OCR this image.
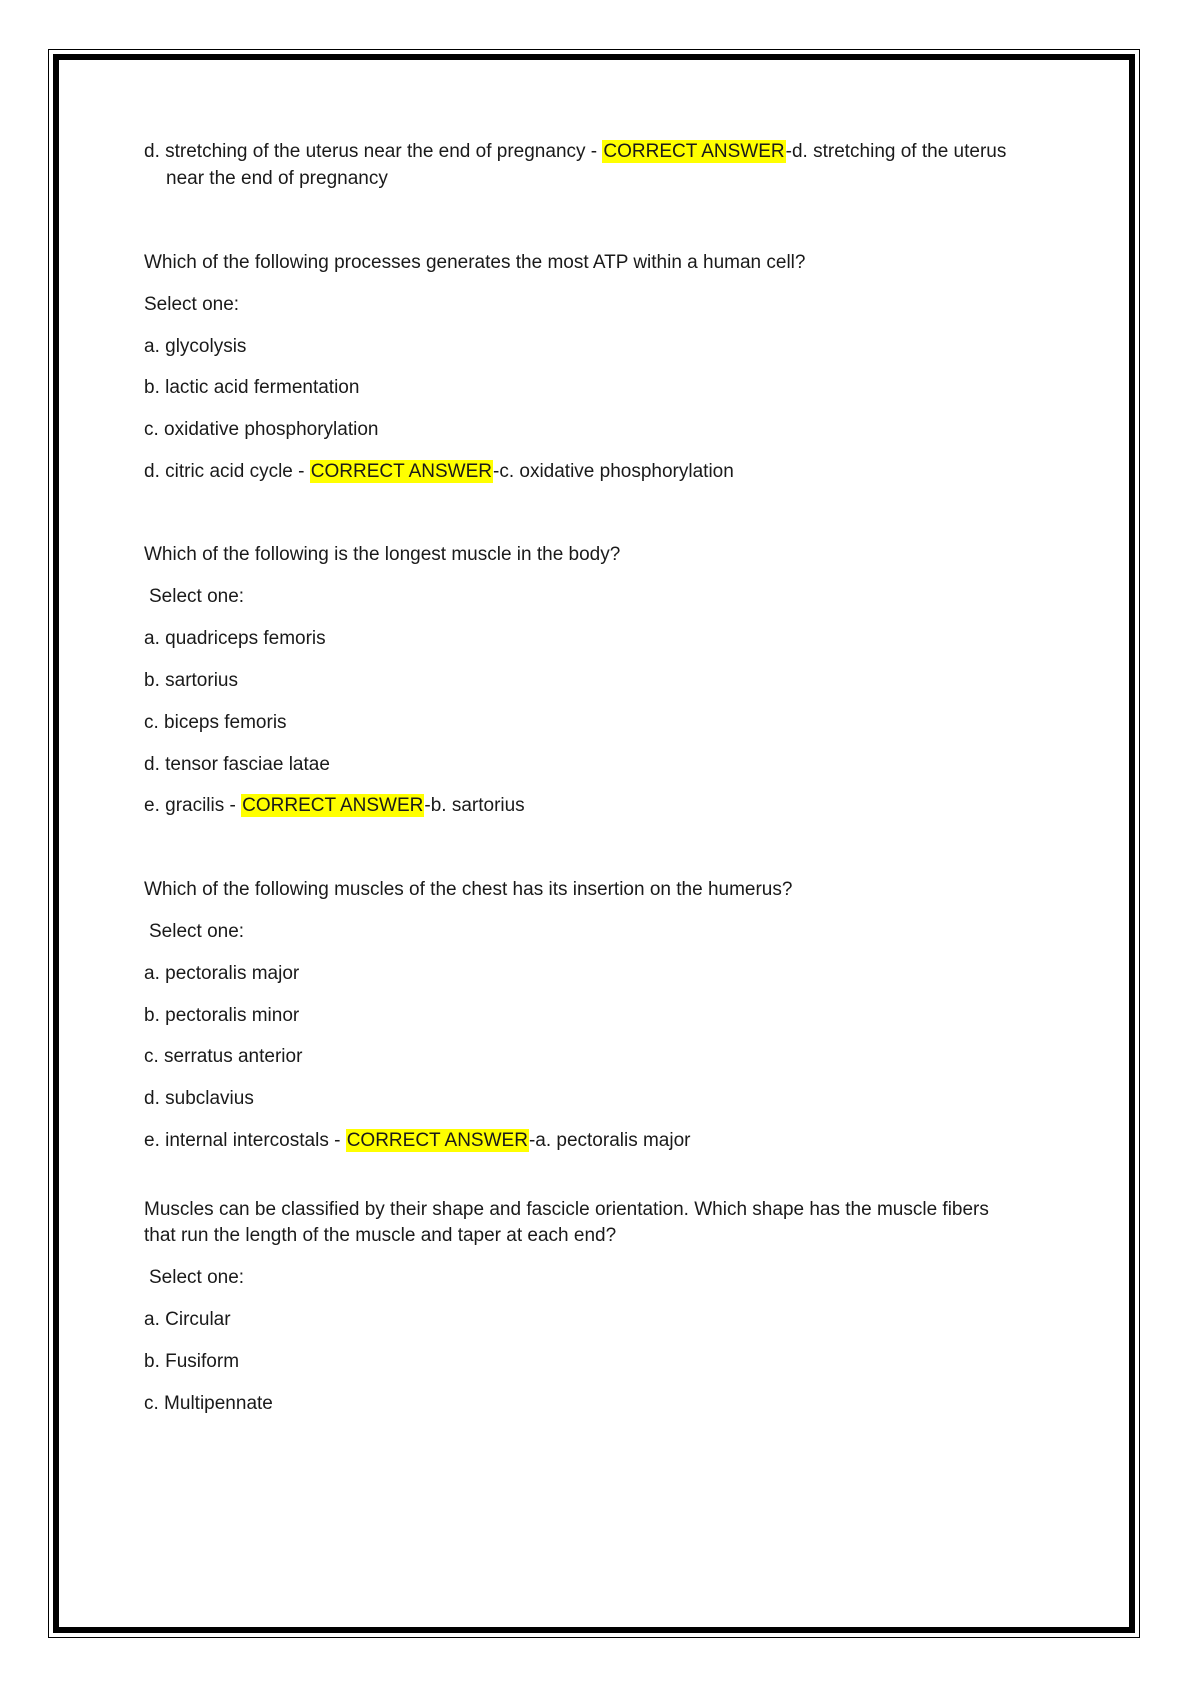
d. stretching of the uterus near the end of pregnancy - CORRECT ANSWER-d. stretching of the uterus
near the end of pregnancy
Which of the following processes generates the most ATP within a human cell?
Select one:
a. glycolysis
b. lactic acid fermentation
c. oxidative phosphorylation
d. citric acid cycle - CORRECT ANSWER-c. oxidative phosphorylation
Which of the following is the longest muscle in the body?
Select one:
a. quadriceps femoris
b. sartorius
c. biceps femoris
d. tensor fasciae latae
e. gracilis - CORRECT ANSWER-b. sartorius
Which of the following muscles of the chest has its insertion on the humerus?
Select one:
a. pectoralis major
b. pectoralis minor
c. serratus anterior
d. subclavius
e. internal intercostals - CORRECT ANSWER-a. pectoralis major
Muscles can be classified by their shape and fascicle orientation. Which shape has the muscle fibers
that run the length of the muscle and taper at each end?
Select one:
a. Circular
b. Fusiform
c. Multipennate
